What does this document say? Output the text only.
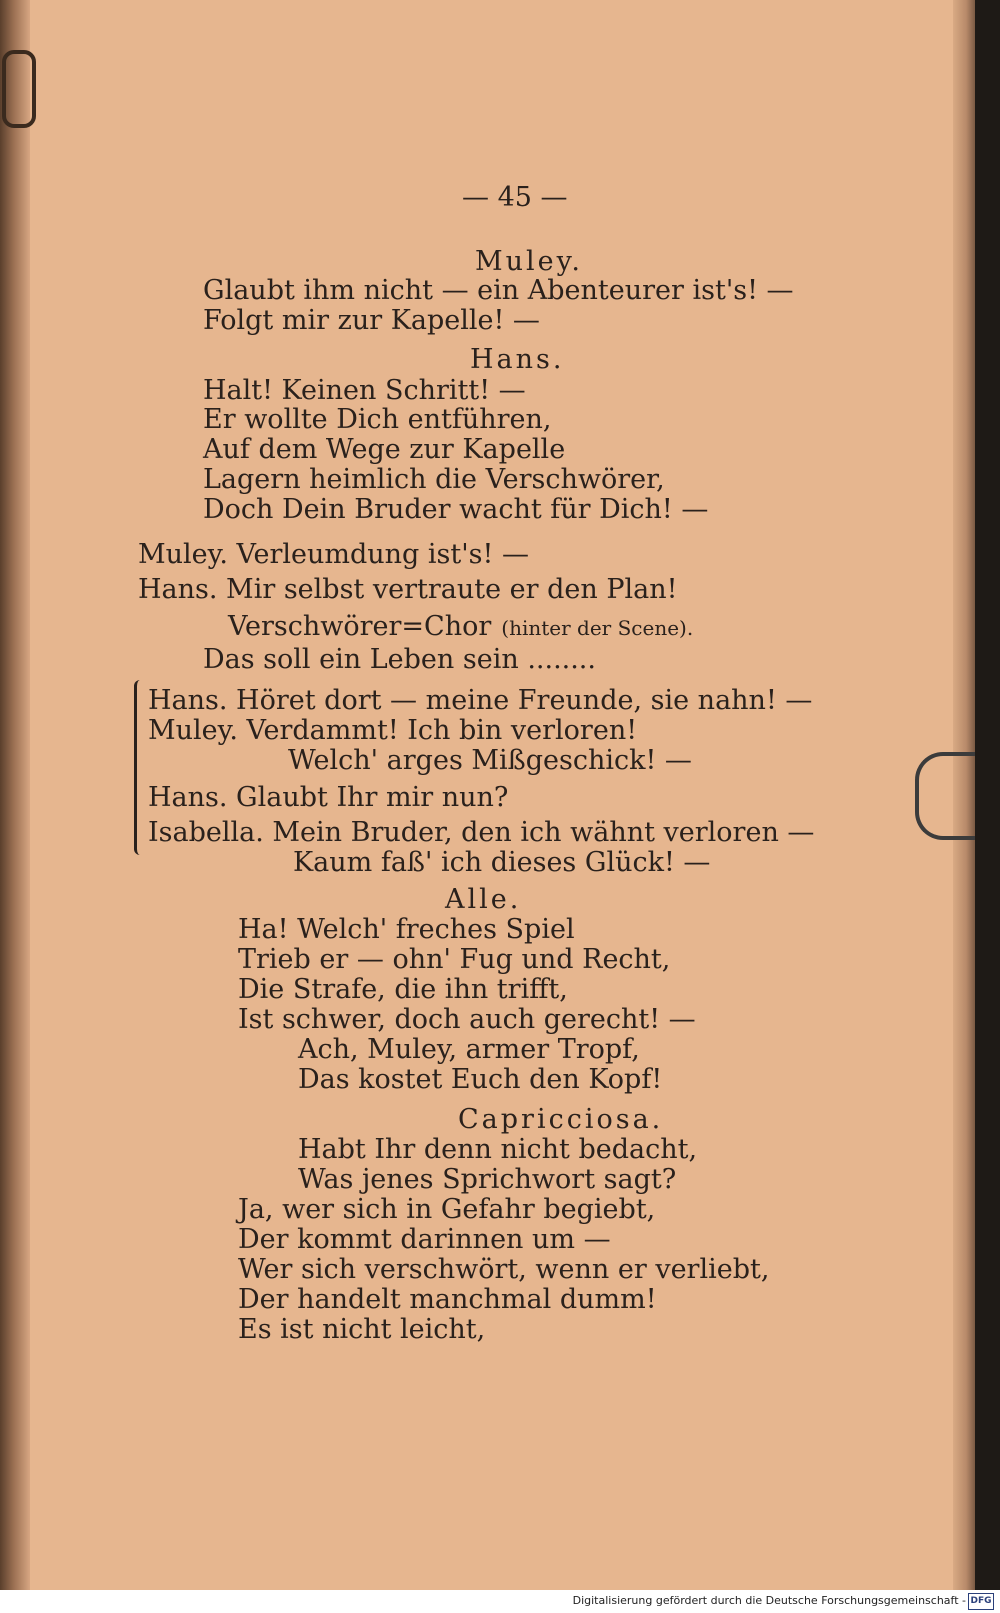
— 45 —
Muley.
Glaubt ihm nicht — ein Abenteurer ist's! —
Folgt mir zur Kapelle! —
Hans.
Halt! Keinen Schritt! —
Er wollte Dich entführen,
Auf dem Wege zur Kapelle
Lagern heimlich die Verschwörer,
Doch Dein Bruder wacht für Dich! —
Muley. Verleumdung ist's! —
Hans. Mir selbst vertraute er den Plan!
Verschwörer=Chor (hinter der Scene).
Das soll ein Leben sein ........
Hans. Höret dort — meine Freunde, sie nahn! —
Muley. Verdammt! Ich bin verloren!
Welch' arges Mißgeschick! —
Hans. Glaubt Ihr mir nun?
Isabella. Mein Bruder, den ich wähnt verloren —
Kaum faß' ich dieses Glück! —
Alle.
Ha! Welch' freches Spiel
Trieb er — ohn' Fug und Recht,
Die Strafe, die ihn trifft,
Ist schwer, doch auch gerecht! —
Ach, Muley, armer Tropf,
Das kostet Euch den Kopf!
Capricciosa.
Habt Ihr denn nicht bedacht,
Was jenes Sprichwort sagt?
Ja, wer sich in Gefahr begiebt,
Der kommt darinnen um —
Wer sich verschwört, wenn er verliebt,
Der handelt manchmal dumm!
Es ist nicht leicht,
Digitalisierung gefördert durch die Deutsche Forschungsgemeinschaft - DFG
